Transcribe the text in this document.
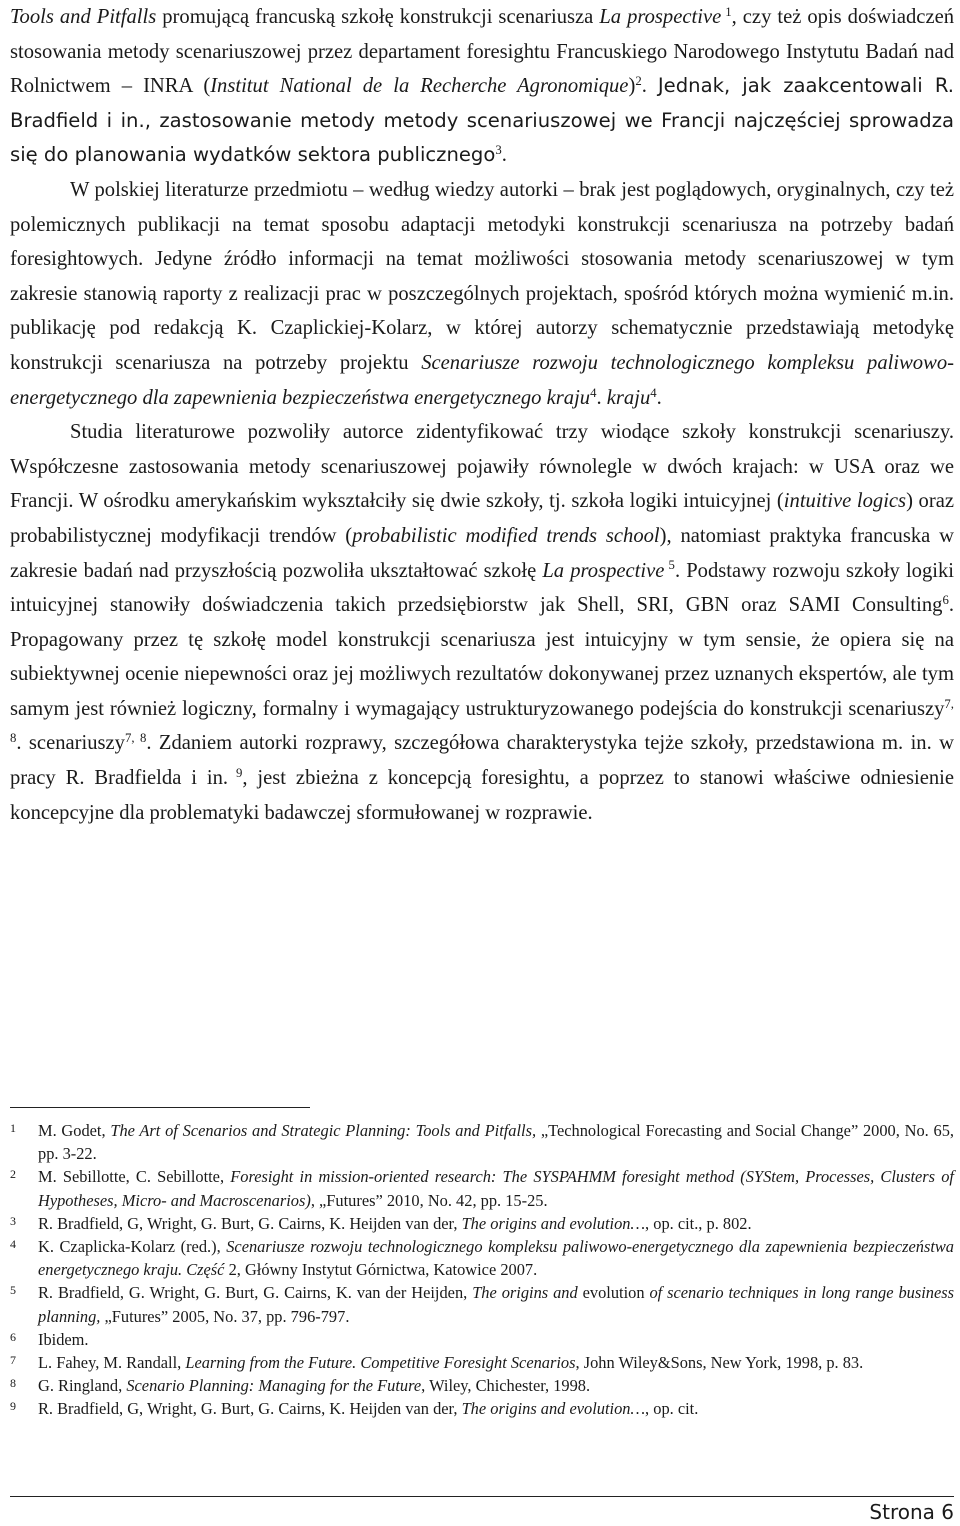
Tools and Pitfalls promującą francuską szkołę konstrukcji scenariusza La prospective $^1$, czy też opis doświadczeń stosowania metody scenariuszowej przez departament foresightu Francuskiego Narodowego Instytutu Badań nad Rolnictwem – INRA (Institut National de la Recherche Agronomique)$^2$. Jednak, jak zaakcentowali R. Bradfield i in., zastosowanie metody metody scenariuszowej we Francji najczęściej sprowadza się do planowania wydatków sektora publicznego$^3$.

W polskiej literaturze przedmiotu – według wiedzy autorki – brak jest poglądowych, oryginalnych, czy też polemicznych publikacji na temat sposobu adaptacji metodyki konstrukcji scenariusza na potrzeby badań foresightowych. Jedyne źródło informacji na temat możliwości stosowania metody scenariuszowej w tym zakresie stanowią raporty z realizacji prac w poszczególnych projektach, spośród których można wymienić m.in. publikację pod redakcją K. Czaplickiej-Kolarz, w której autorzy schematycznie przedstawiają metodykę konstrukcji scenariusza na potrzeby projektu Scenariusze rozwoju technologicznego kompleksu paliwowo-energetycznego dla zapewnienia bezpieczeństwa energetycznego kraju$^4$. kraju$^4$.

Studia literaturowe pozwoliły autorce zidentyfikować trzy wiodące szkoły konstrukcji scenariuszy. Współczesne zastosowania metody scenariuszowej pojawiły równolegle w dwóch krajach: w USA oraz we Francji. W ośrodku amerykańskim wykształciły się dwie szkoły, tj. szkoła logiki intuicyjnej (intuitive logics) oraz probabilistycznej modyfikacji trendów (probabilistic modified trends school), natomiast praktyka francuska w zakresie badań nad przyszłością pozwoliła ukształtować szkołę La prospective $^5$. Podstawy rozwoju szkoły logiki intuicyjnej stanowiły doświadczenia takich przedsiębiorstw jak Shell, SRI, GBN oraz SAMI Consulting$^6$. Propagowany przez tę szkołę model konstrukcji scenariusza jest intuicyjny w tym sensie, że opiera się na subiektywnej ocenie niepewności oraz jej możliwych rezultatów dokonywanej przez uznanych ekspertów, ale tym samym jest również logiczny, formalny i wymagający ustrukturyzowanego podejścia do konstrukcji scenariuszy$^{7, 8}$. scenariuszy$^{7, 8}$. Zdaniem autorki rozprawy, szczegółowa charakterystyka tejże szkoły, przedstawiona m. in. w pracy R. Bradfielda i in. $^9$, jest zbieżna z koncepcją foresightu, a poprzez to stanowi właściwe odniesienie koncepcyjne dla problematyki badawczej sformułowanej w rozprawie.

1	M. Godet, The Art of Scenarios and Strategic Planning: Tools and Pitfalls, „Technological Forecasting and Social Change” 2000, No. 65, pp. 3-22.
2	M. Sebillotte, C. Sebillotte, Foresight in mission-oriented research: The SYSPAHMM foresight method (SYStem, Processes, Clusters of Hypotheses, Micro- and Macroscenarios), „Futures” 2010, No. 42, pp. 15-25.
3	R. Bradfield, G, Wright, G. Burt, G. Cairns, K. Heijden van der, The origins and evolution…, op. cit., p. 802.
4	K. Czaplicka-Kolarz (red.), Scenariusze rozwoju technologicznego kompleksu paliwowo-energetycznego dla zapewnienia bezpieczeństwa energetycznego kraju. Część 2, Główny Instytut Górnictwa, Katowice 2007.
5	R. Bradfield, G. Wright, G. Burt, G. Cairns, K. van der Heijden, The origins and evolution of scenario techniques in long range business planning, „Futures” 2005, No. 37, pp. 796-797.
6	Ibidem.
7	L. Fahey, M. Randall, Learning from the Future. Competitive Foresight Scenarios, John Wiley&Sons, New York, 1998, p. 83.
8	G. Ringland, Scenario Planning: Managing for the Future, Wiley, Chichester, 1998.
9	R. Bradfield, G, Wright, G. Burt, G. Cairns, K. Heijden van der, The origins and evolution…, op. cit.
Strona 6
